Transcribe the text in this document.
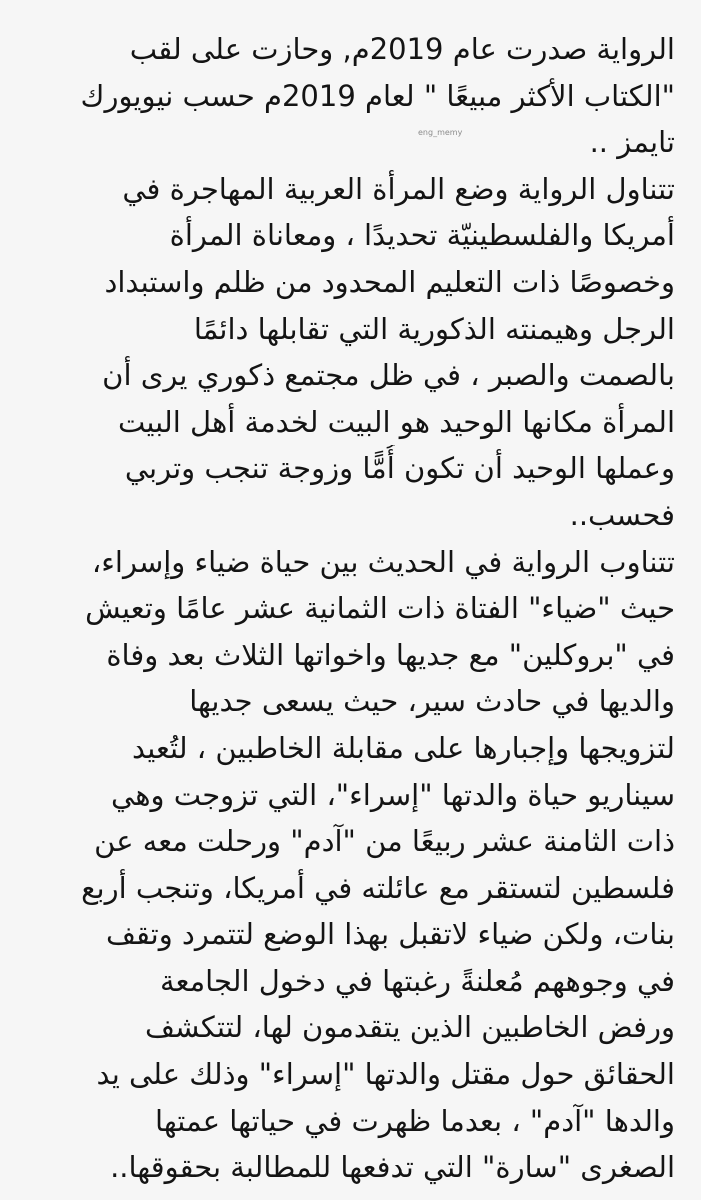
الرواية صدرت عام 2019م, وحازت على لقب
"الكتاب الأكثر مبيعًا " لعام 2019م حسب نيويورك
تايمز ..
تتناول الرواية وضع المرأة العربية المهاجرة في
أمريكا والفلسطينيّة تحديدًا ، ومعاناة المرأة
وخصوصًا ذات التعليم المحدود من ظلم واستبداد
الرجل وهيمنته الذكورية التي تقابلها دائمًا
بالصمت والصبر ، في ظل مجتمع ذكوري يرى أن
المرأة مكانها الوحيد هو البيت لخدمة أهل البيت
وعملها الوحيد أن تكون أُمًّا وزوجة تنجب وتربي
فحسب..
تتناوب الرواية في الحديث بين حياة ضياء وإسراء،
حيث "ضياء" الفتاة ذات الثمانية عشر عامًا وتعيش
في "بروكلين" مع جديها واخواتها الثلاث بعد وفاة
والديها في حادث سير، حيث يسعى جديها
لتزويجها وإجبارها على مقابلة الخاطبين ، لتُعيد
سيناريو حياة والدتها "إسراء"، التي تزوجت وهي
ذات الثامنة عشر ربيعًا من "آدم" ورحلت معه عن
فلسطين لتستقر مع عائلته في أمريكا، وتنجب أربع
بنات، ولكن ضياء لاتقبل بهذا الوضع لتتمرد وتقف
في وجوههم مُعلنةً رغبتها في دخول الجامعة
ورفض الخاطبين الذين يتقدمون لها، لتتكشف
الحقائق حول مقتل والدتها "إسراء" وذلك على يد
والدها "آدم" ، بعدما ظهرت في حياتها عمتها
الصغرى "سارة" التي تدفعها للمطالبة بحقوقها..
eng_memy
